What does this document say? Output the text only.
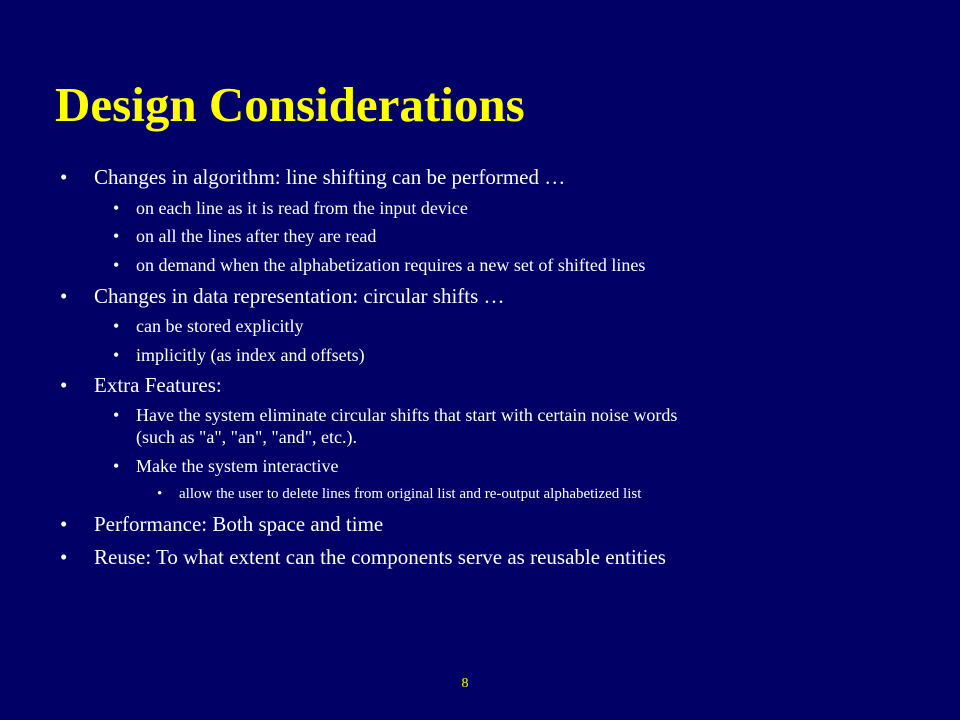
Design Considerations
• Changes in algorithm: line shifting can be performed …
• on each line as it is read from the input device
• on all the lines after they are read
• on demand when the alphabetization requires a new set of shifted lines
• Changes in data representation: circular shifts …
• can be stored explicitly
• implicitly (as index and offsets)
• Extra Features:
• Have the system eliminate circular shifts that start with certain noise words
(such as "a", "an", "and", etc.).
• Make the system interactive
• allow the user to delete lines from original list and re-output alphabetized list
• Performance: Both space and time
• Reuse: To what extent can the components serve as reusable entities
8
